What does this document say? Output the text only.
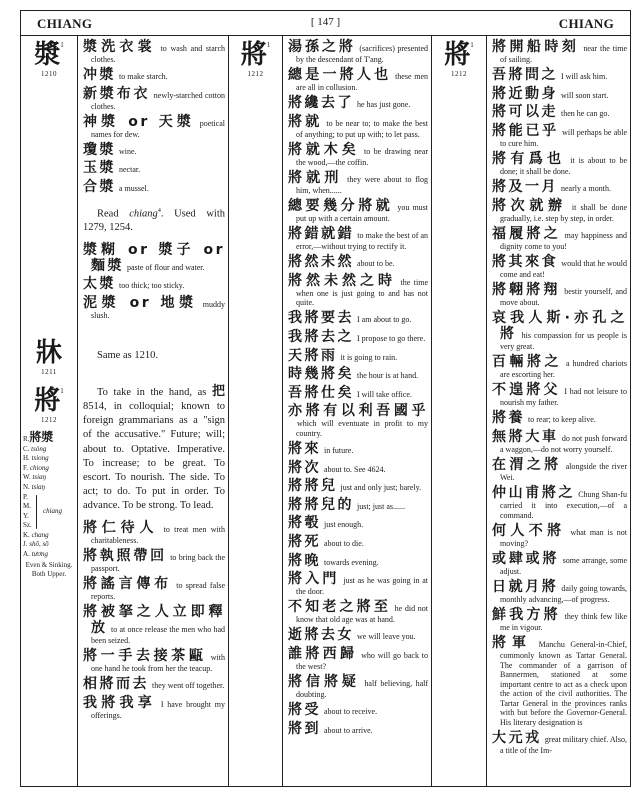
CHIANG	[ 147 ]	CHIANG
漿$^1$
1210
牀
1211
將$^1$
1212
R.將漿
C. tsöng
H. tsiong
F. chiong
W. tsiaŋ
N. tsiaŋ
P.
M.
Y.
Sz.
chiang
K. chang
J. shō, sō
A. tương
Even & Sinking. Both Upper.
漿洗衣裳 to wash and starch clothes.
冲漿 to make starch.
新漿布衣 newly-starched cotton clothes.
神漿 or 天漿 poetical names for dew.
瓊漿 wine.
玉漿 nectar.
合漿 a mussel.

Read chiang$^4$. Used with 1279, 1254.

漿糊 or 漿子 or 麵漿 paste of flour and water.
太漿 too thick; too sticky.
泥漿 or 地漿 muddy slush.
Same as 1210.

To take in the hand, as 把 8514, in colloquial; known to foreign grammarians as a "sign of the accusative." Future; will; about to. Optative. Imperative. To increase; to be great. To escort. To nourish. The side. To act; to do. To put in order. To advance. To be strong. To lead.

將仁待人 to treat men with charitableness.
將執照帶回 to bring back the passport.
將謠言傳布 to spread false reports.
將被拏之人立即釋放 to at once release the men who had been seized.
將一手去接茶甌 with one hand he took from her the teacup.
相將而去 they went off together.
我將我享 I have brought my offerings.
將$^1$
1212
湯孫之將 (sacrifices) presented by the descendant of T'ang.
總是一將人也 these men are all in collusion.
將纔去了 he has just gone.
將就 to be near to; to make the best of anything; to put up with; to let pass.
將就木矣 to be drawing near the wood,—the coffin.
將就刑 they were about to flog him, when......
總要幾分將就 you must put up with a certain amount.
將錯就錯 to make the best of an error,—without trying to rectify it.
將然未然 about to be.
將然未然之時 the time when one is just going to and has not quite.
我將要去 I am about to go.
我將去之 I propose to go there.
天將雨 it is going to rain.
時幾將矣 the hour is at hand.
吾將仕矣 I will take office.
亦將有以利吾國乎 which will eventuate in profit to my country.
將來 in future.
將次 about to. See 4624.
將將兒 just and only just; barely.
將將兒的 just; just as......
將彀 just enough.
將死 about to die.
將晚 towards evening.
將入門 just as he was going in at the door.
不知老之將至 he did not know that old age was at hand.
逝將去女 we will leave you.
誰將西歸 who will go back to the west?
將信將疑 half believing, half doubting.
將受 about to receive.
將到 about to arrive.
將$^1$
1212
將開船時刻 near the time of sailing.
吾將問之 I will ask him.
將近動身 will soon start.
將可以走 then he can go.
將能已乎 will perhaps be able to cure him.
將有爲也 it is about to be done; it shall be done.
將及一月 nearly a month.
將次就辦 it shall be done gradually, i.e. step by step, in order.
福履將之 may happiness and dignity come to you!
將其來食 would that he would come and eat!
將翺將翔 bestir yourself, and move about.
哀我人斯·亦孔之將 his compassion for us people is very great.
百輛將之 a hundred chariots are escorting her.
不遑將父 I had not leisure to nourish my father.
將養 to rear; to keep alive.
無將大車 do not push forward a waggon,—do not worry yourself.
在渭之將 alongside the river Wei.
仲山甫將之 Chung Shan-fu carried it into execution,—of a command.
何人不將 what man is not moving?
或肆或將 some arrange, some adjust.
日就月將 daily going towards, monthly advancing,—of progress.
鮮我方將 they think few like me in vigour.
將軍 Manchu General-in-Chief, commonly known as Tartar General. The commander of a garrison of Bannermen, stationed at some important centre to act as a check upon the action of the civil authorities. The Tartar General in the provinces ranks with but before the Governor-General. His literary designation is
大元戎 great military chief. Also, a title of the Im-
